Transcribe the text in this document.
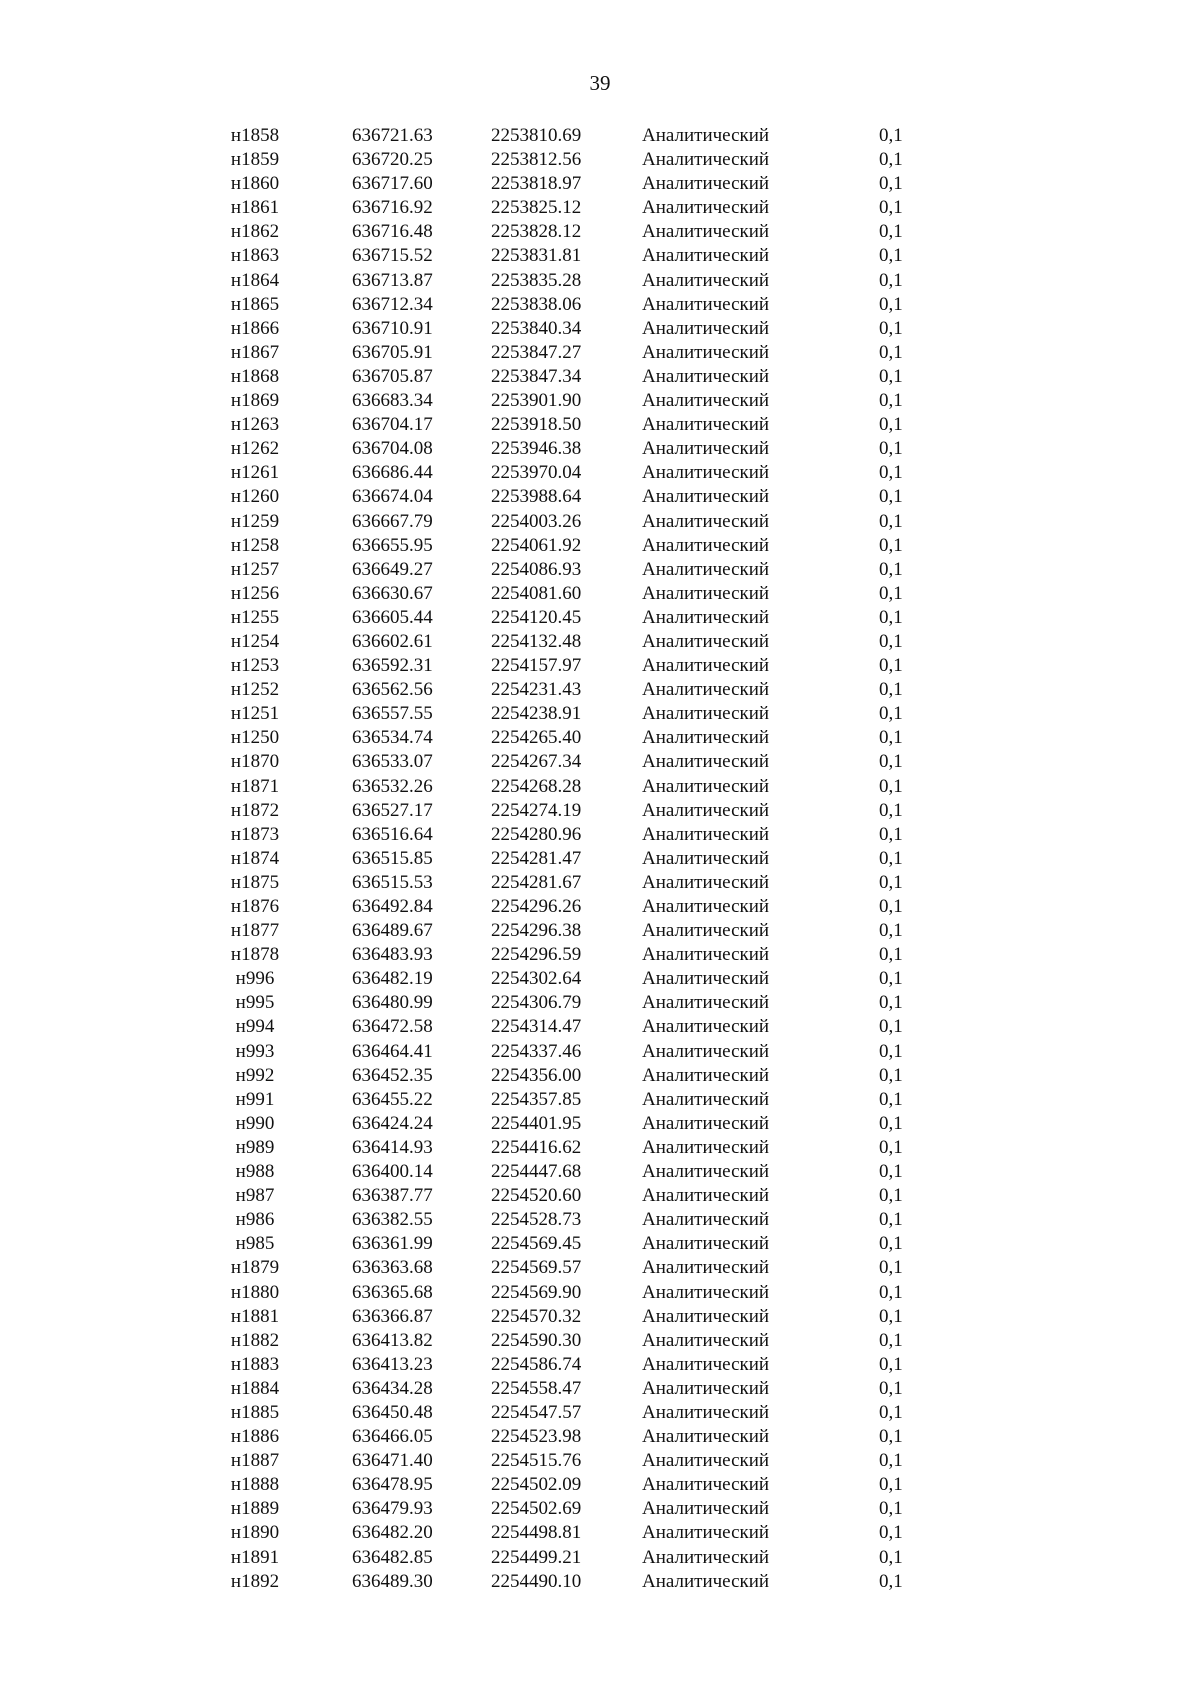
39
н1858	636721.63	2253810.69	Аналитический	0,1
н1859	636720.25	2253812.56	Аналитический	0,1
н1860	636717.60	2253818.97	Аналитический	0,1
н1861	636716.92	2253825.12	Аналитический	0,1
н1862	636716.48	2253828.12	Аналитический	0,1
н1863	636715.52	2253831.81	Аналитический	0,1
н1864	636713.87	2253835.28	Аналитический	0,1
н1865	636712.34	2253838.06	Аналитический	0,1
н1866	636710.91	2253840.34	Аналитический	0,1
н1867	636705.91	2253847.27	Аналитический	0,1
н1868	636705.87	2253847.34	Аналитический	0,1
н1869	636683.34	2253901.90	Аналитический	0,1
н1263	636704.17	2253918.50	Аналитический	0,1
н1262	636704.08	2253946.38	Аналитический	0,1
н1261	636686.44	2253970.04	Аналитический	0,1
н1260	636674.04	2253988.64	Аналитический	0,1
н1259	636667.79	2254003.26	Аналитический	0,1
н1258	636655.95	2254061.92	Аналитический	0,1
н1257	636649.27	2254086.93	Аналитический	0,1
н1256	636630.67	2254081.60	Аналитический	0,1
н1255	636605.44	2254120.45	Аналитический	0,1
н1254	636602.61	2254132.48	Аналитический	0,1
н1253	636592.31	2254157.97	Аналитический	0,1
н1252	636562.56	2254231.43	Аналитический	0,1
н1251	636557.55	2254238.91	Аналитический	0,1
н1250	636534.74	2254265.40	Аналитический	0,1
н1870	636533.07	2254267.34	Аналитический	0,1
н1871	636532.26	2254268.28	Аналитический	0,1
н1872	636527.17	2254274.19	Аналитический	0,1
н1873	636516.64	2254280.96	Аналитический	0,1
н1874	636515.85	2254281.47	Аналитический	0,1
н1875	636515.53	2254281.67	Аналитический	0,1
н1876	636492.84	2254296.26	Аналитический	0,1
н1877	636489.67	2254296.38	Аналитический	0,1
н1878	636483.93	2254296.59	Аналитический	0,1
н996	636482.19	2254302.64	Аналитический	0,1
н995	636480.99	2254306.79	Аналитический	0,1
н994	636472.58	2254314.47	Аналитический	0,1
н993	636464.41	2254337.46	Аналитический	0,1
н992	636452.35	2254356.00	Аналитический	0,1
н991	636455.22	2254357.85	Аналитический	0,1
н990	636424.24	2254401.95	Аналитический	0,1
н989	636414.93	2254416.62	Аналитический	0,1
н988	636400.14	2254447.68	Аналитический	0,1
н987	636387.77	2254520.60	Аналитический	0,1
н986	636382.55	2254528.73	Аналитический	0,1
н985	636361.99	2254569.45	Аналитический	0,1
н1879	636363.68	2254569.57	Аналитический	0,1
н1880	636365.68	2254569.90	Аналитический	0,1
н1881	636366.87	2254570.32	Аналитический	0,1
н1882	636413.82	2254590.30	Аналитический	0,1
н1883	636413.23	2254586.74	Аналитический	0,1
н1884	636434.28	2254558.47	Аналитический	0,1
н1885	636450.48	2254547.57	Аналитический	0,1
н1886	636466.05	2254523.98	Аналитический	0,1
н1887	636471.40	2254515.76	Аналитический	0,1
н1888	636478.95	2254502.09	Аналитический	0,1
н1889	636479.93	2254502.69	Аналитический	0,1
н1890	636482.20	2254498.81	Аналитический	0,1
н1891	636482.85	2254499.21	Аналитический	0,1
н1892	636489.30	2254490.10	Аналитический	0,1
